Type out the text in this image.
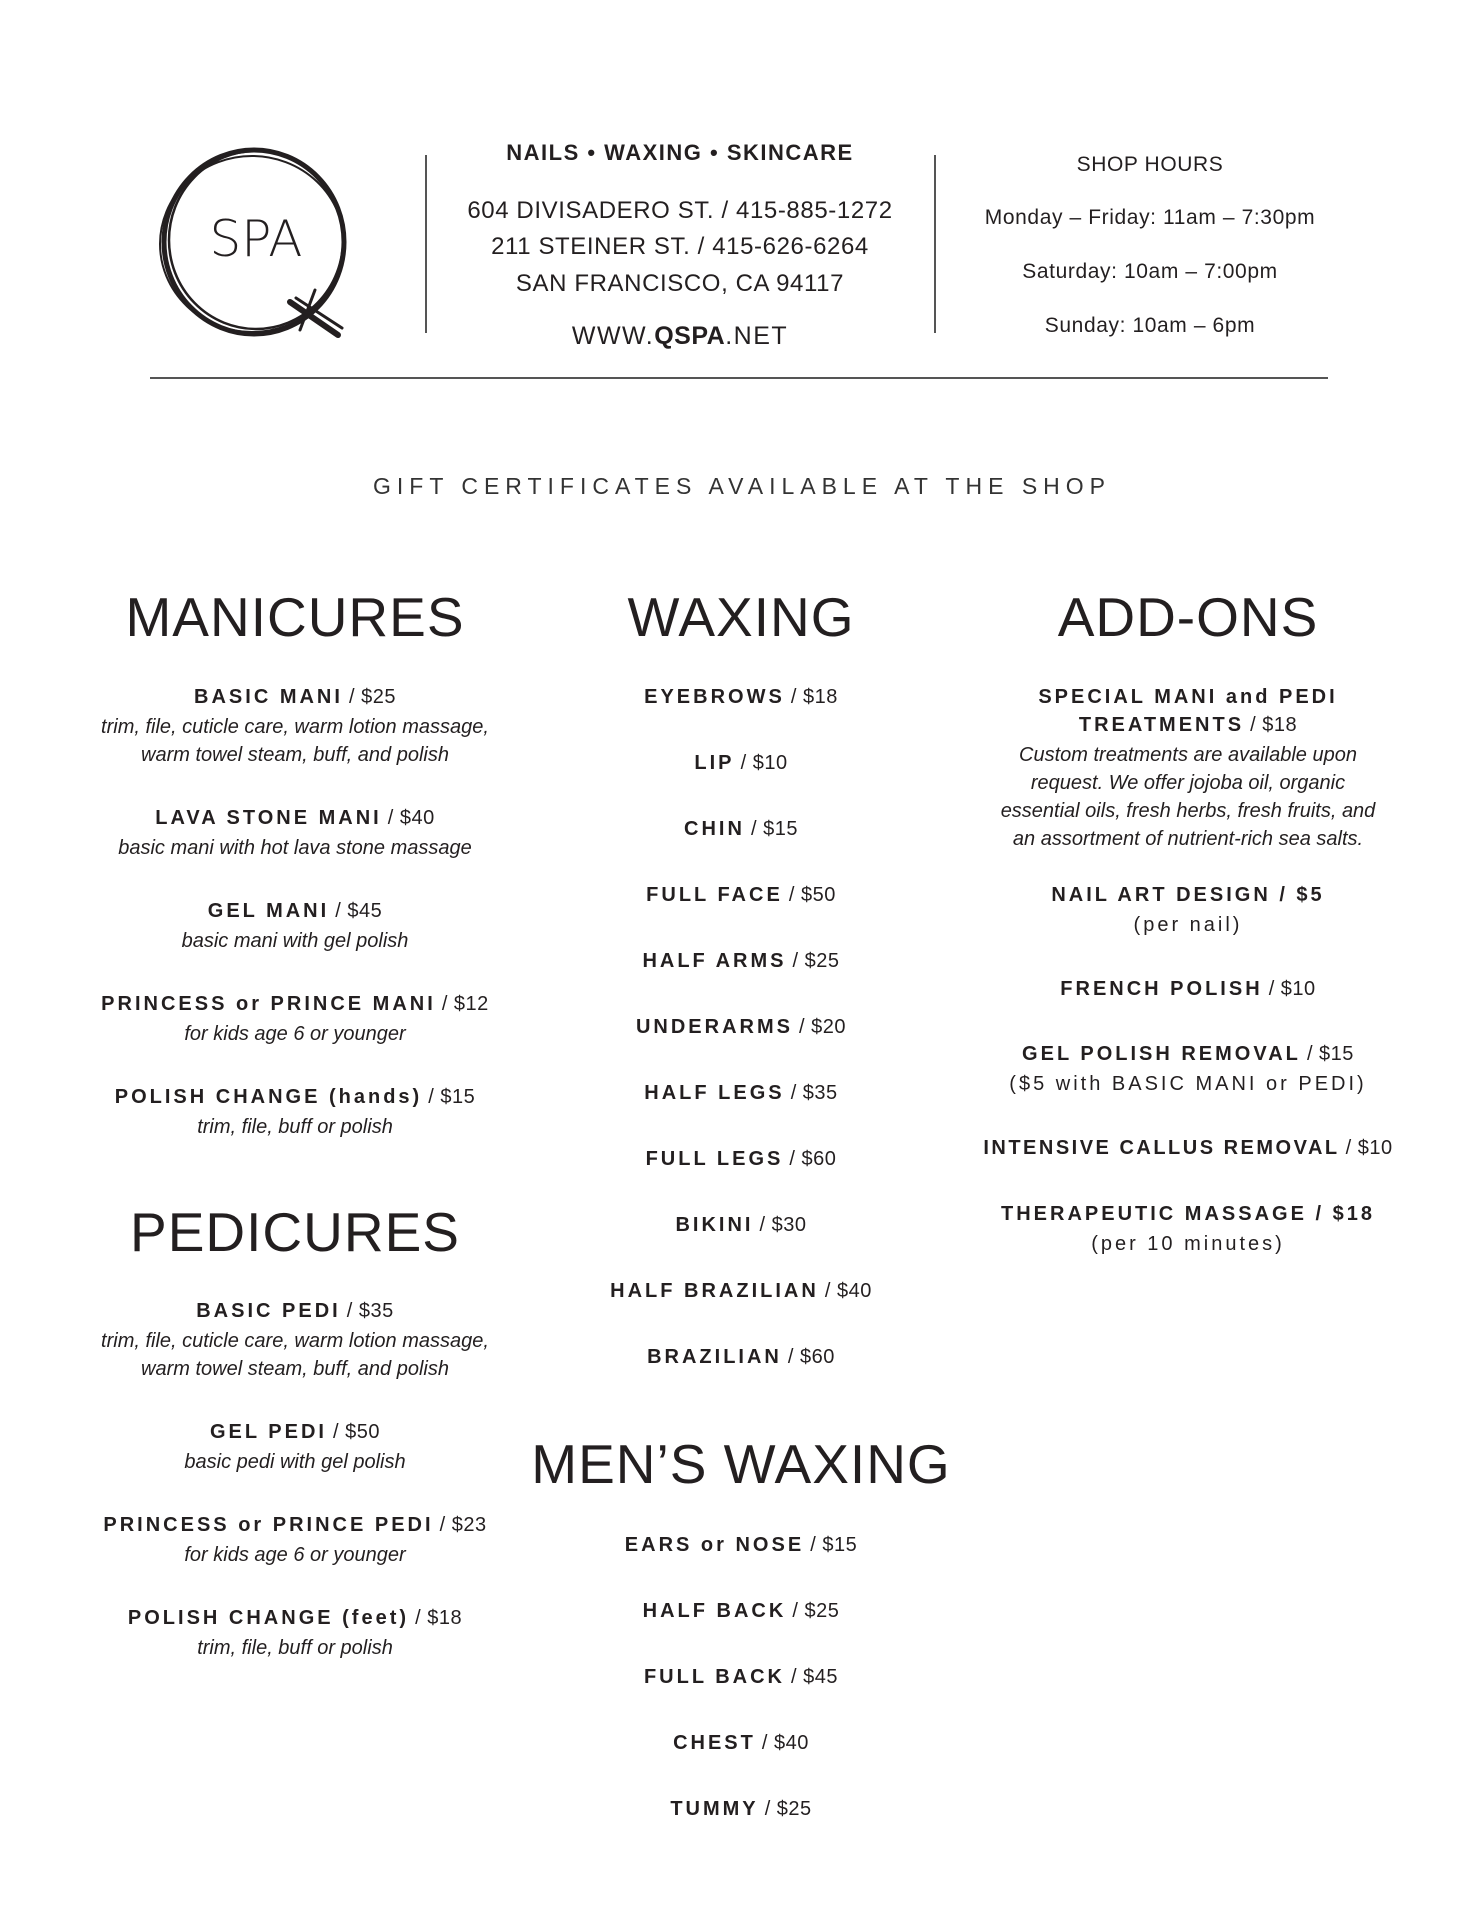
SPA
NAILS • WAXING • SKINCARE
604 DIVISADERO ST. / 415-885-1272
211 STEINER ST. / 415-626-6264
SAN FRANCISCO, CA 94117
WWW.QSPA.NET
SHOP HOURS
Monday – Friday: 11am – 7:30pm
Saturday: 10am – 7:00pm
Sunday: 10am – 6pm
GIFT CERTIFICATES AVAILABLE AT THE SHOP
MANICURES
BASIC MANI / $25
trim, file, cuticle care, warm lotion massage,
warm towel steam, buff, and polish
LAVA STONE MANI / $40
basic mani with hot lava stone massage
GEL MANI / $45
basic mani with gel polish
PRINCESS or PRINCE MANI / $12
for kids age 6 or younger
POLISH CHANGE (hands) / $15
trim, file, buff or polish
PEDICURES
BASIC PEDI / $35
trim, file, cuticle care, warm lotion massage,
warm towel steam, buff, and polish
GEL PEDI / $50
basic pedi with gel polish
PRINCESS or PRINCE PEDI / $23
for kids age 6 or younger
POLISH CHANGE (feet) / $18
trim, file, buff or polish
WAXING
EYEBROWS / $18
LIP / $10
CHIN / $15
FULL FACE / $50
HALF ARMS / $25
UNDERARMS / $20
HALF LEGS / $35
FULL LEGS / $60
BIKINI / $30
HALF BRAZILIAN / $40
BRAZILIAN / $60
MEN’S WAXING
EARS or NOSE / $15
HALF BACK / $25
FULL BACK / $45
CHEST / $40
TUMMY / $25
ADD-ONS
SPECIAL MANI and PEDI
TREATMENTS / $18
Custom treatments are available upon
request. We offer jojoba oil, organic
essential oils, fresh herbs, fresh fruits, and
an assortment of nutrient-rich sea salts.
NAIL ART DESIGN / $5
(per nail)
FRENCH POLISH / $10
GEL POLISH REMOVAL / $15
($5 with BASIC MANI or PEDI)
INTENSIVE CALLUS REMOVAL / $10
THERAPEUTIC MASSAGE / $18
(per 10 minutes)
